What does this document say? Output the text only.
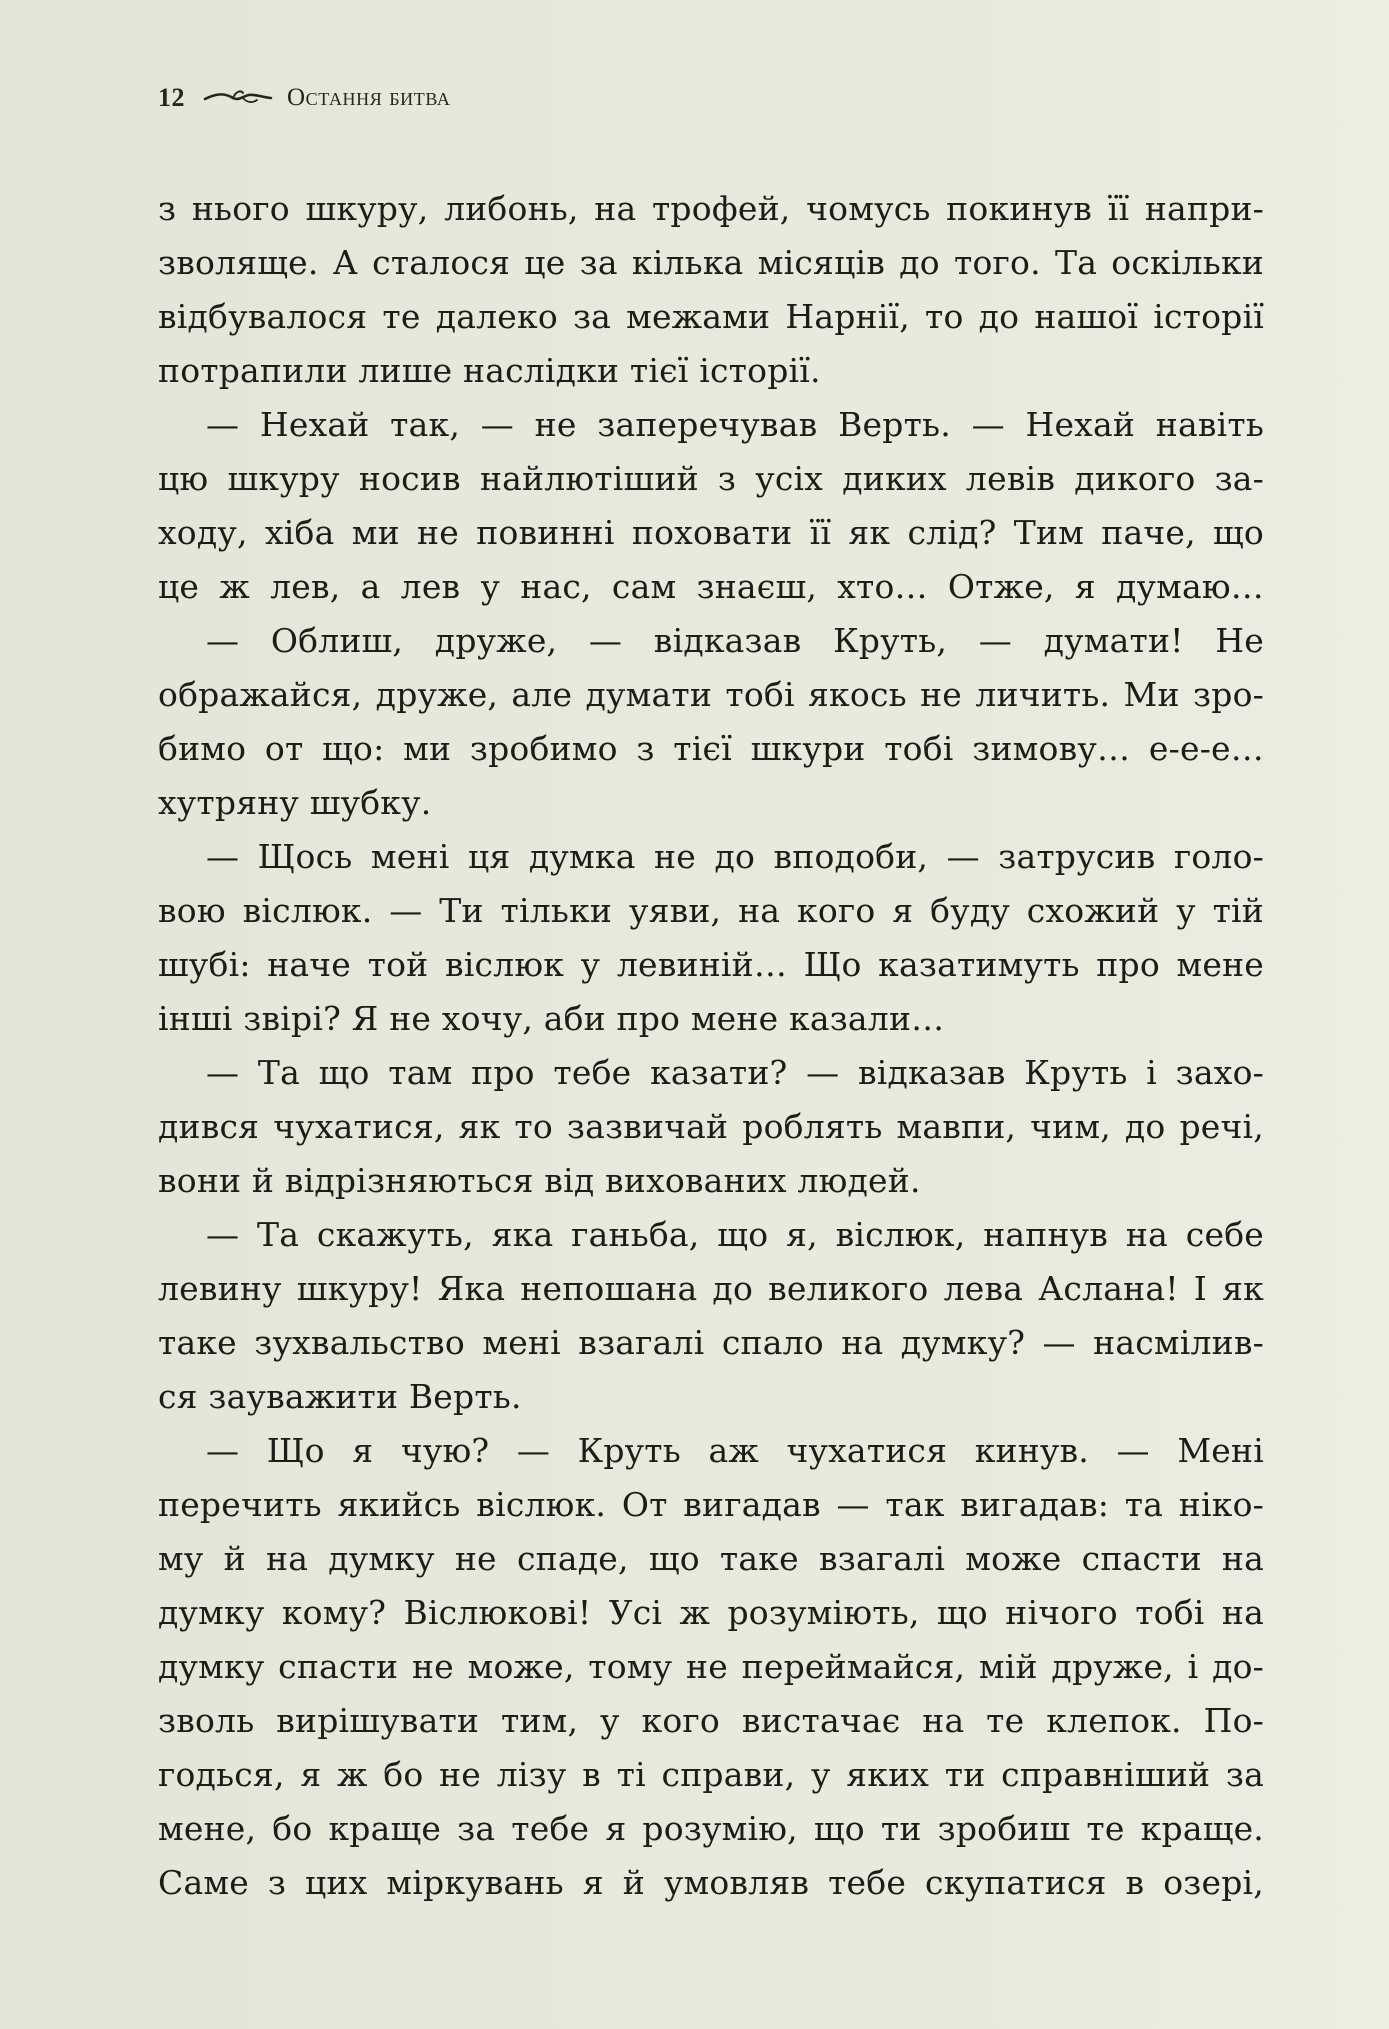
12	Остання битва
з нього шкуру, либонь, на трофей, чомусь покинув її напри-
зволяще. А сталося це за кілька місяців до того. Та оскільки
відбувалося те далеко за межами Нарнії, то до нашої історії
потрапили лише наслідки тієї історії.
— Нехай так, — не заперечував Верть. — Нехай навіть
цю шкуру носив найлютіший з усіх диких левів дикого за-
ходу, хіба ми не повинні поховати її як слід? Тим паче, що
це ж лев, а лев у нас, сам знаєш, хто… Отже, я думаю…
— Облиш, друже, — відказав Круть, — думати! Не
ображайся, друже, але думати тобі якось не личить. Ми зро-
бимо от що: ми зробимо з тієї шкури тобі зимову… е-е-е…
хутряну шубку.
— Щось мені ця думка не до вподоби, — затрусив голо-
вою віслюк. — Ти тільки уяви, на кого я буду схожий у тій
шубі: наче той віслюк у левиній… Що казатимуть про мене
інші звірі? Я не хочу, аби про мене казали…
— Та що там про тебе казати? — відказав Круть і захо-
дився чухатися, як то зазвичай роблять мавпи, чим, до речі,
вони й відрізняються від вихованих людей.
— Та скажуть, яка ганьба, що я, віслюк, напнув на себе
левину шкуру! Яка непошана до великого лева Аслана! І як
таке зухвальство мені взагалі спало на думку? — насмілив-
ся зауважити Верть.
— Що я чую? — Круть аж чухатися кинув. — Мені
перечить якийсь віслюк. От вигадав — так вигадав: та ніко-
му й на думку не спаде, що таке взагалі може спасти на
думку кому? Віслюкові! Усі ж розуміють, що нічого тобі на
думку спасти не може, тому не переймайся, мій друже, і до-
зволь вирішувати тим, у кого вистачає на те клепок. По-
годься, я ж бо не лізу в ті справи, у яких ти справніший за
мене, бо краще за тебе я розумію, що ти зробиш те краще.
Саме з цих міркувань я й умовляв тебе скупатися в озері,
